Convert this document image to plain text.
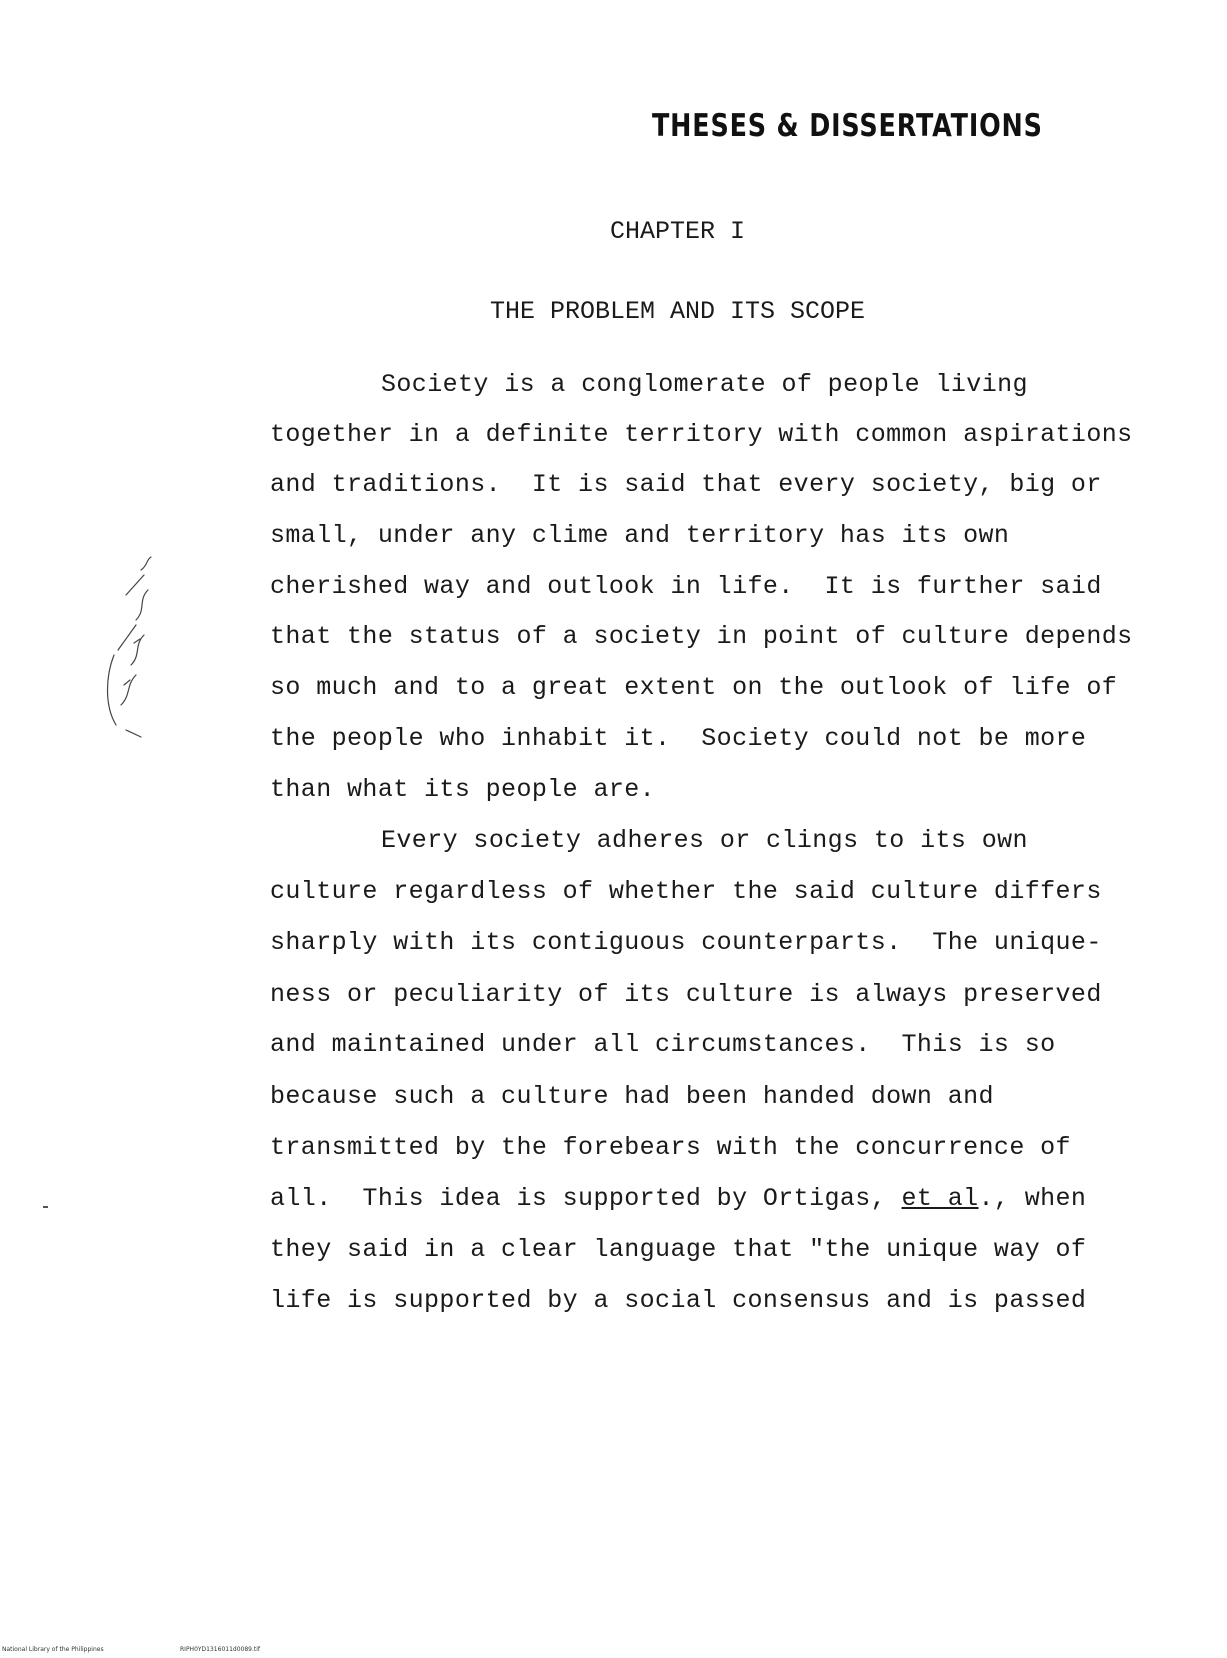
THESES & DISSERTATIONS
CHAPTER I
THE PROBLEM AND ITS SCOPE
Society is a conglomerate of people living
together in a definite territory with common aspirations
and traditions.  It is said that every society, big or
small, under any clime and territory has its own
cherished way and outlook in life.  It is further said
that the status of a society in point of culture depends
so much and to a great extent on the outlook of life of
the people who inhabit it.  Society could not be more
than what its people are.
Every society adheres or clings to its own
culture regardless of whether the said culture differs
sharply with its contiguous counterparts.  The unique-
ness or peculiarity of its culture is always preserved
and maintained under all circumstances.  This is so
because such a culture had been handed down and
transmitted by the forebears with the concurrence of
all.  This idea is supported by Ortigas, et al., when
they said in a clear language that "the unique way of
life is supported by a social consensus and is passed
National Library of the Philippines	RIPH0YD1316011d0089.tif
